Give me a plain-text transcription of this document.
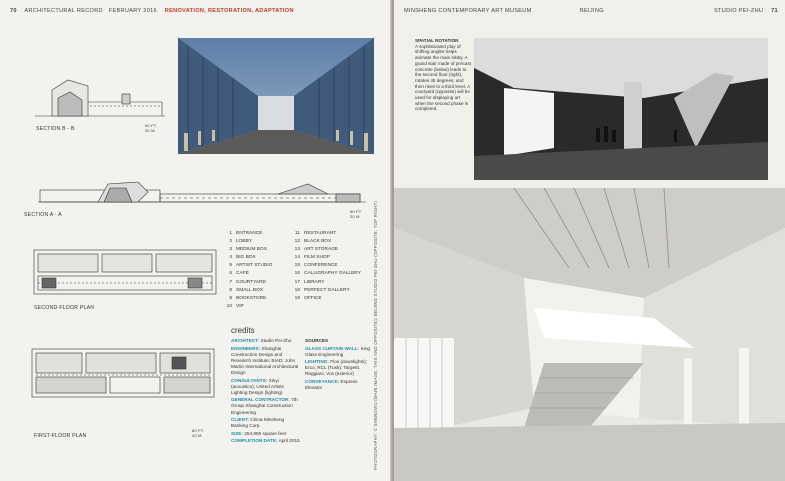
70 ARCHITECTURAL RECORD FEBRUARY 2016 RENOVATION, RESTORATION, ADAPTATION
SECTION B - B
60 FT.
20 M.
SECTION A - A
60 FT.
20 M.
SECOND-FLOOR PLAN
FIRST-FLOOR PLAN
60 FT.
20 M.
1 ENTRANCE
2 LOBBY
3 MEDIUM BOX
4 BIG BOX
5 ARTIST STUDIO
6 CAFÉ
7 COURTYARD
8 SMALL BOX
9 BOOKSTORE
10 VIP
11 RESTAURANT
12 BLACK BOX
13 ART STORAGE
14 FILM SHOP
15 CONFERENCE
16 CALLIGRAPHY GALLERY
17 LIBRARY
18 PERFECT GALLERY
19 OFFICE
credits
ARCHITECT: Studio Pei-Zhu
ENGINEERS: Shanghai Construction Design and Research Institute; BIAD; John Martin International Architectural Design
CONSULTANTS: Xinyi (acoustics); United Artists Lighting Design (lighting)
GENERAL CONTRACTOR: 7th Group Shanghai Construction Engineering
CLIENT: China Minsheng Banking Corp.
SIZE: 254,950 square feet
COMPLETION DATE: April 2015
SOURCES
GLASS CURTAIN WALL: King Glass Engineering
LIGHTING: Flos (downlights); Erco, RCL (Tusk); Targetti, Reggiani, Vos (exterior)
CONVEYANCE: Express Elevator	PHOTOGRAPHY: © SHENGWU (MAIN IMAGE; THIS AND OPPOSITE); BEIJING STUDIO PEI-ZHU (OPPOSITE, TOP RIGHT)
MINSHENG CONTEMPORARY ART MUSEUM	BEIJING	STUDIO PEI-ZHU 71
SPATIAL ROTATION
A sophisticated play of shifting angles helps animate the main lobby. A grand stair made of precast concrete (below) leads to the second floor (right), rotates 45 degrees, and then rises to a third level. A courtyard (opposite) will be used for displaying art when the second phase is completed.
